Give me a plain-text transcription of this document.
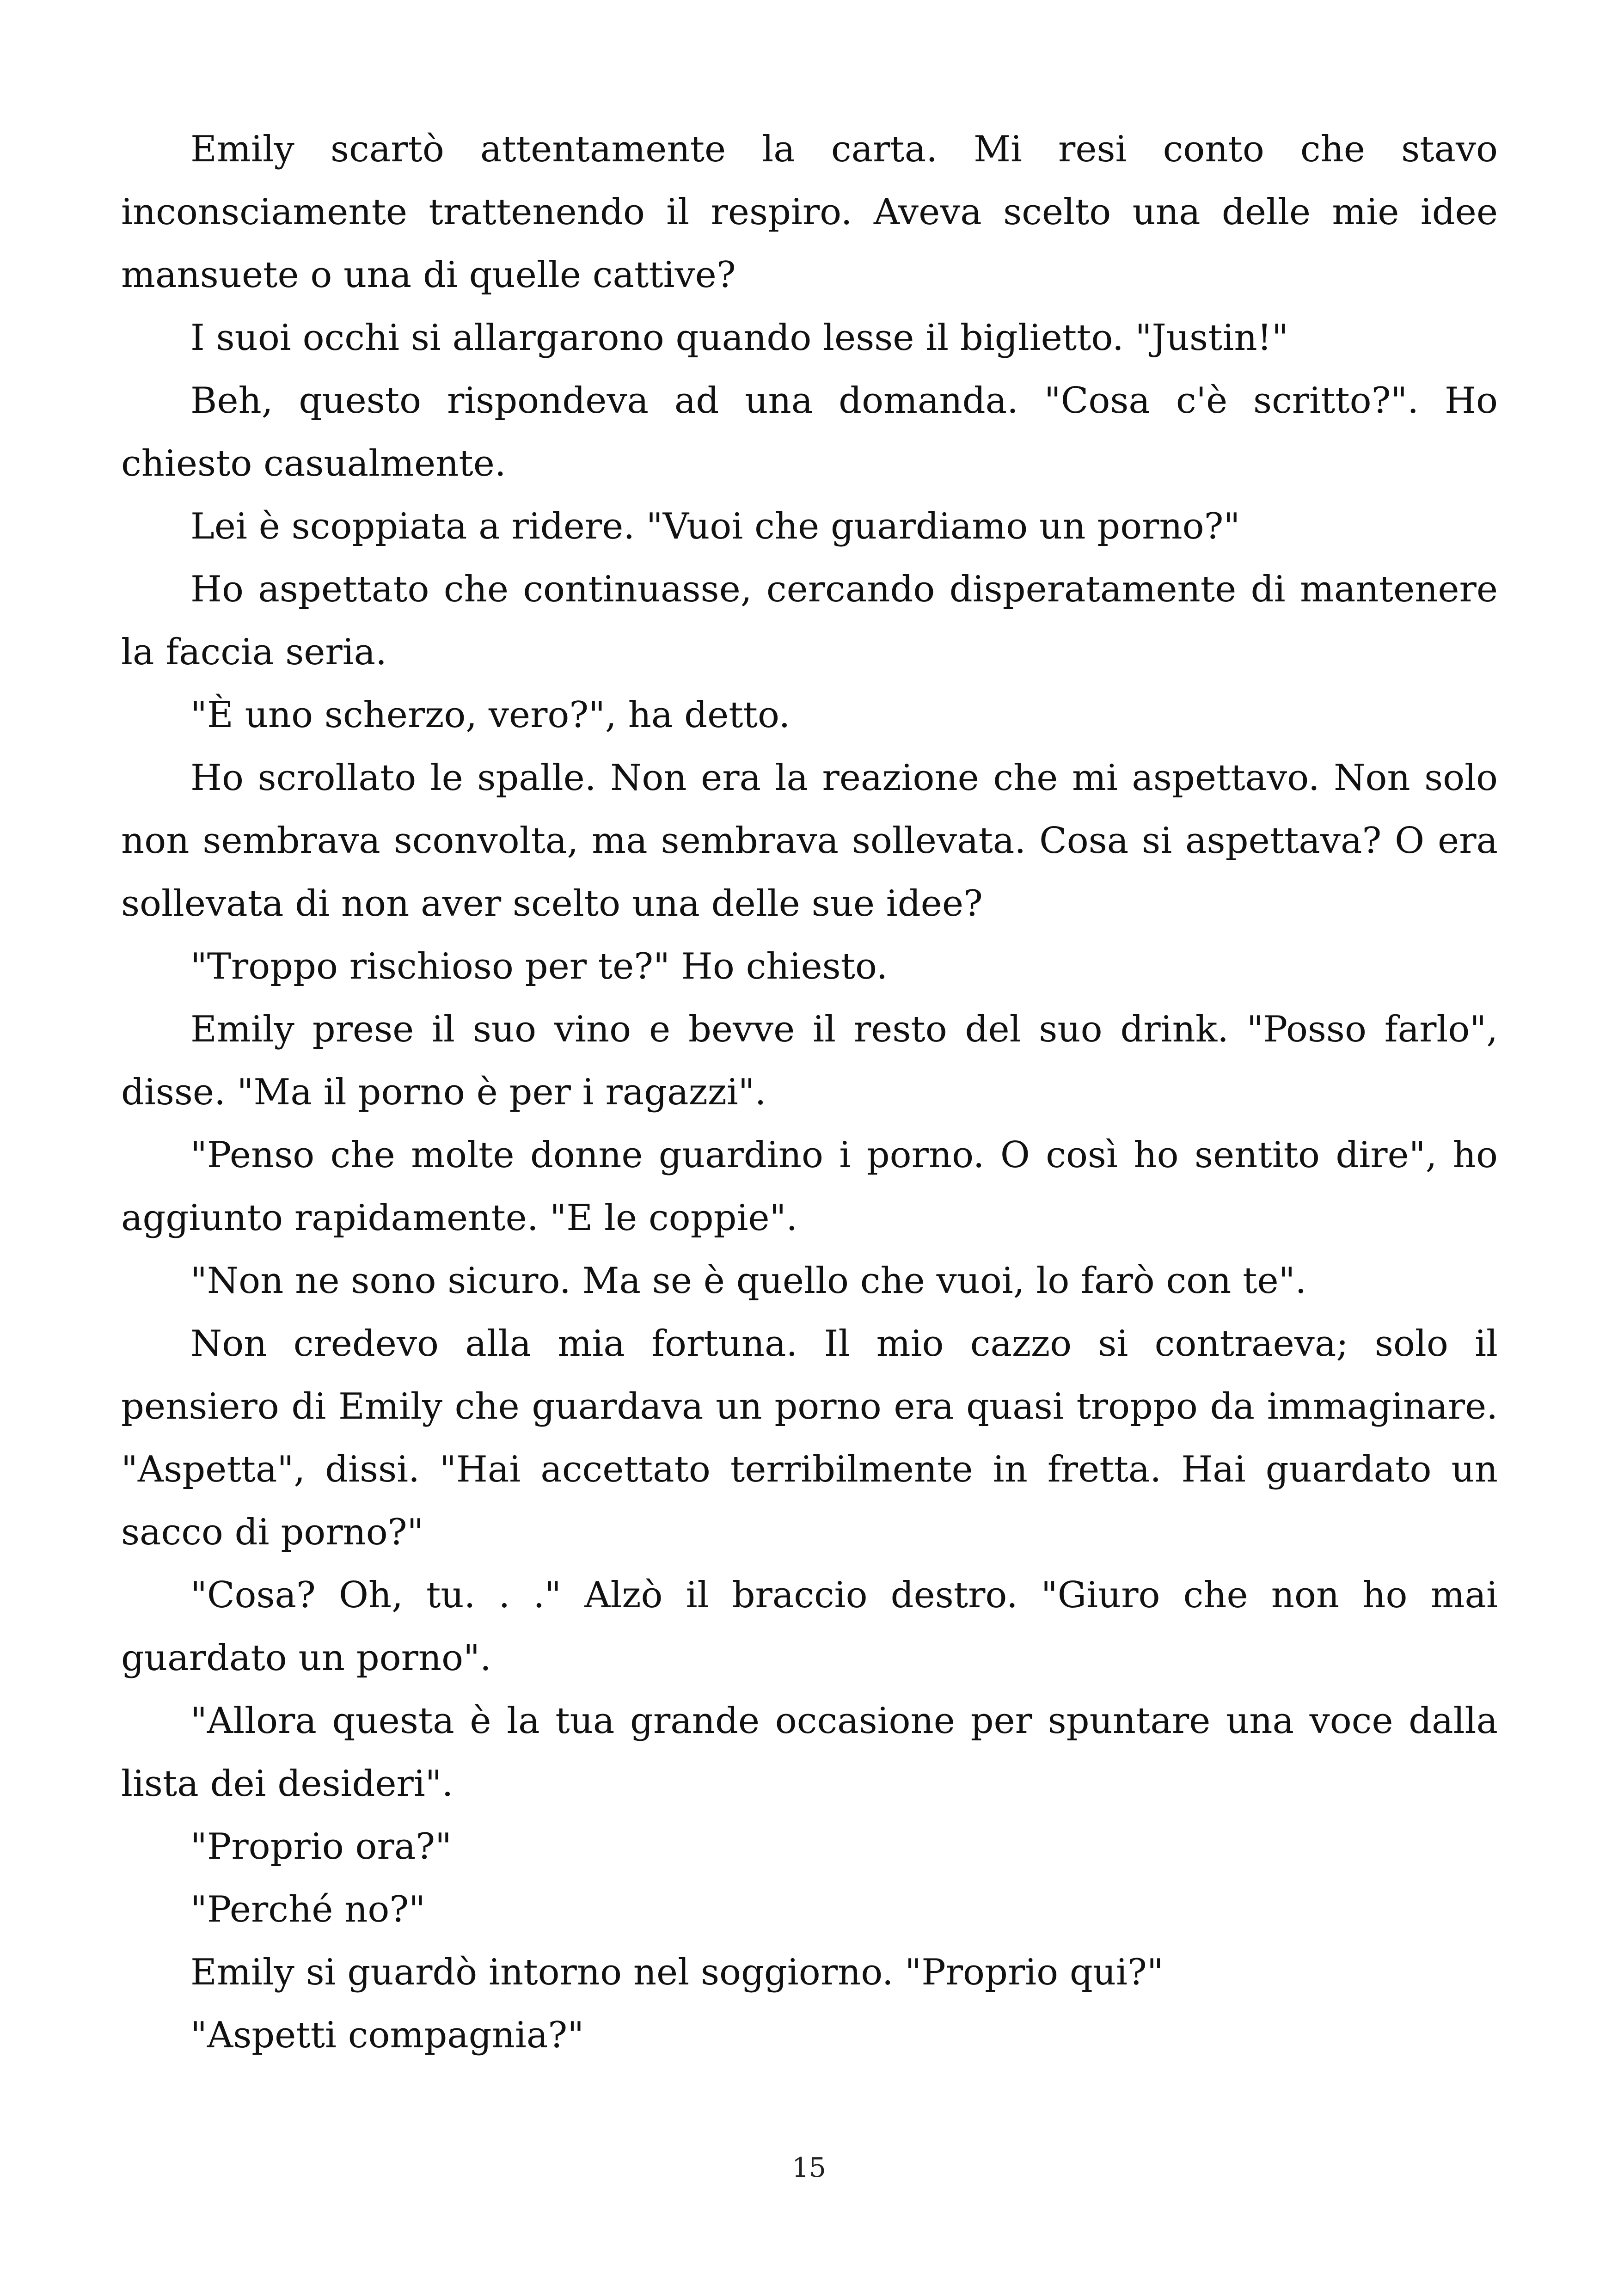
Emily scartò attentamente la carta. Mi resi conto che stavo inconsciamente trattenendo il respiro. Aveva scelto una delle mie idee mansuete o una di quelle cattive?

I suoi occhi si allargarono quando lesse il biglietto. "Justin!"

Beh, questo rispondeva ad una domanda. "Cosa c'è scritto?". Ho chiesto casualmente.

Lei è scoppiata a ridere. "Vuoi che guardiamo un porno?"

Ho aspettato che continuasse, cercando disperatamente di mantenere la faccia seria.

"È uno scherzo, vero?", ha detto.

Ho scrollato le spalle. Non era la reazione che mi aspettavo. Non solo non sembrava sconvolta, ma sembrava sollevata. Cosa si aspettava? O era sollevata di non aver scelto una delle sue idee?

"Troppo rischioso per te?" Ho chiesto.

Emily prese il suo vino e bevve il resto del suo drink. "Posso farlo", disse. "Ma il porno è per i ragazzi".

"Penso che molte donne guardino i porno. O così ho sentito dire", ho aggiunto rapidamente. "E le coppie".

"Non ne sono sicuro. Ma se è quello che vuoi, lo farò con te".

Non credevo alla mia fortuna. Il mio cazzo si contraeva; solo il pensiero di Emily che guardava un porno era quasi troppo da immaginare. "Aspetta", dissi. "Hai accettato terribilmente in fretta. Hai guardato un sacco di porno?"

"Cosa? Oh, tu. . ." Alzò il braccio destro. "Giuro che non ho mai guardato un porno".

"Allora questa è la tua grande occasione per spuntare una voce dalla lista dei desideri".

"Proprio ora?"

"Perché no?"

Emily si guardò intorno nel soggiorno. "Proprio qui?"

"Aspetti compagnia?"

15
